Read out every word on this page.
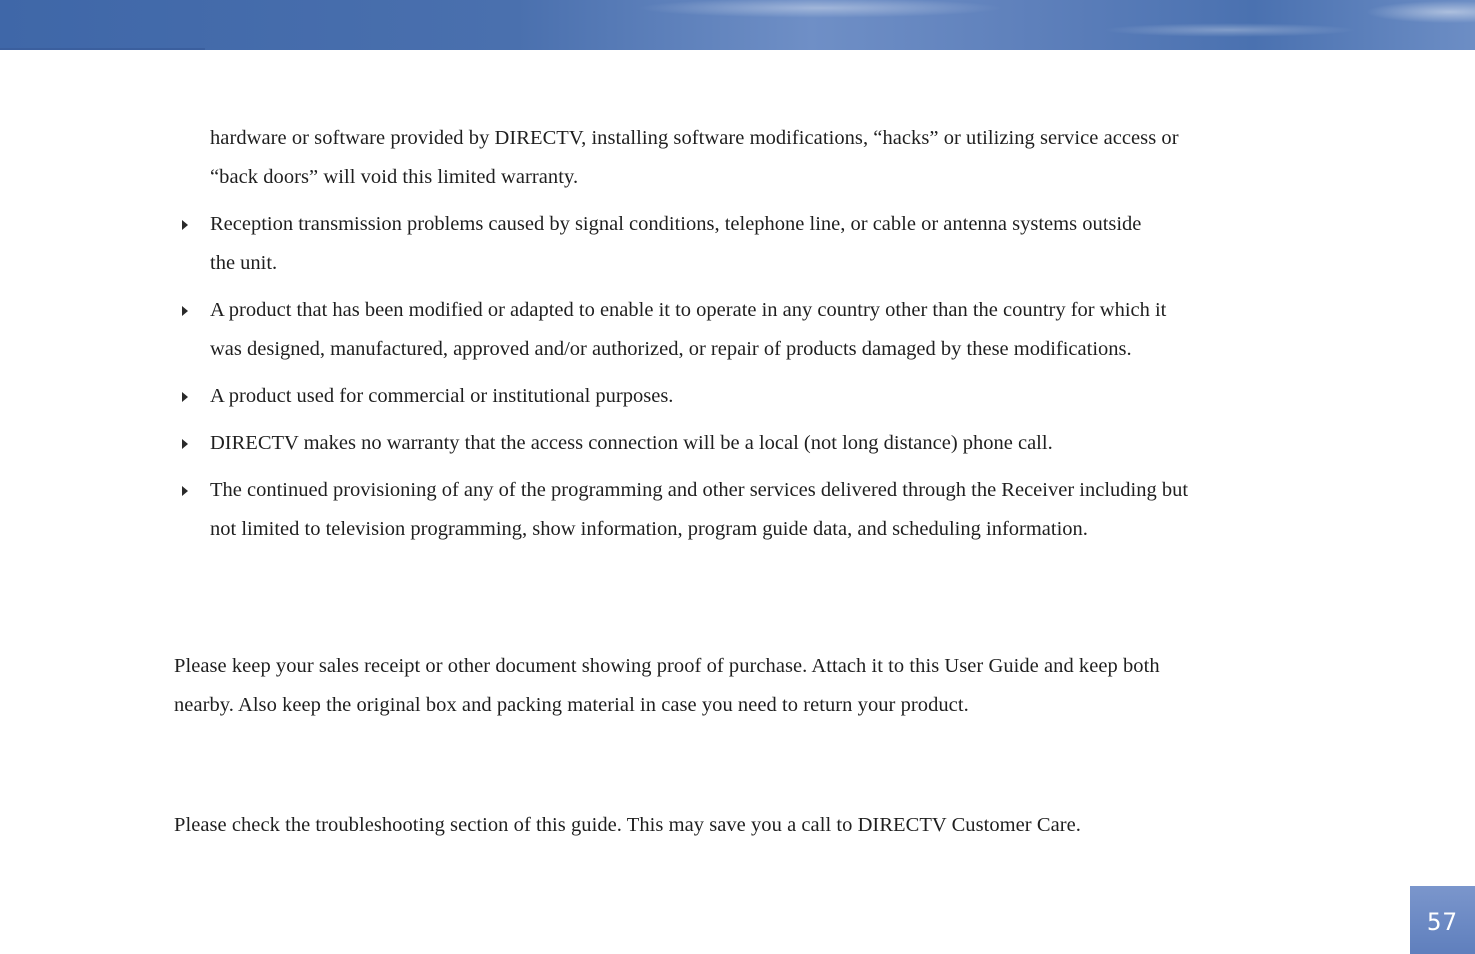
hardware or software provided by DIRECTV, installing software modifications, “hacks” or utilizing service access or
“back doors” will void this limited warranty.

Reception transmission problems caused by signal conditions, telephone line, or cable or antenna systems outside
the unit.

A product that has been modified or adapted to enable it to operate in any country other than the country for which it
was designed, manufactured, approved and/or authorized, or repair of products damaged by these modifications.

A product used for commercial or institutional purposes.

DIRECTV makes no warranty that the access connection will be a local (not long distance) phone call.

The continued provisioning of any of the programming and other services delivered through the Receiver including but
not limited to television programming, show information, program guide data, and scheduling information.

Please keep your sales receipt or other document showing proof of purchase. Attach it to this User Guide and keep both
nearby. Also keep the original box and packing material in case you need to return your product.

Please check the troubleshooting section of this guide. This may save you a call to DIRECTV Customer Care.

57
